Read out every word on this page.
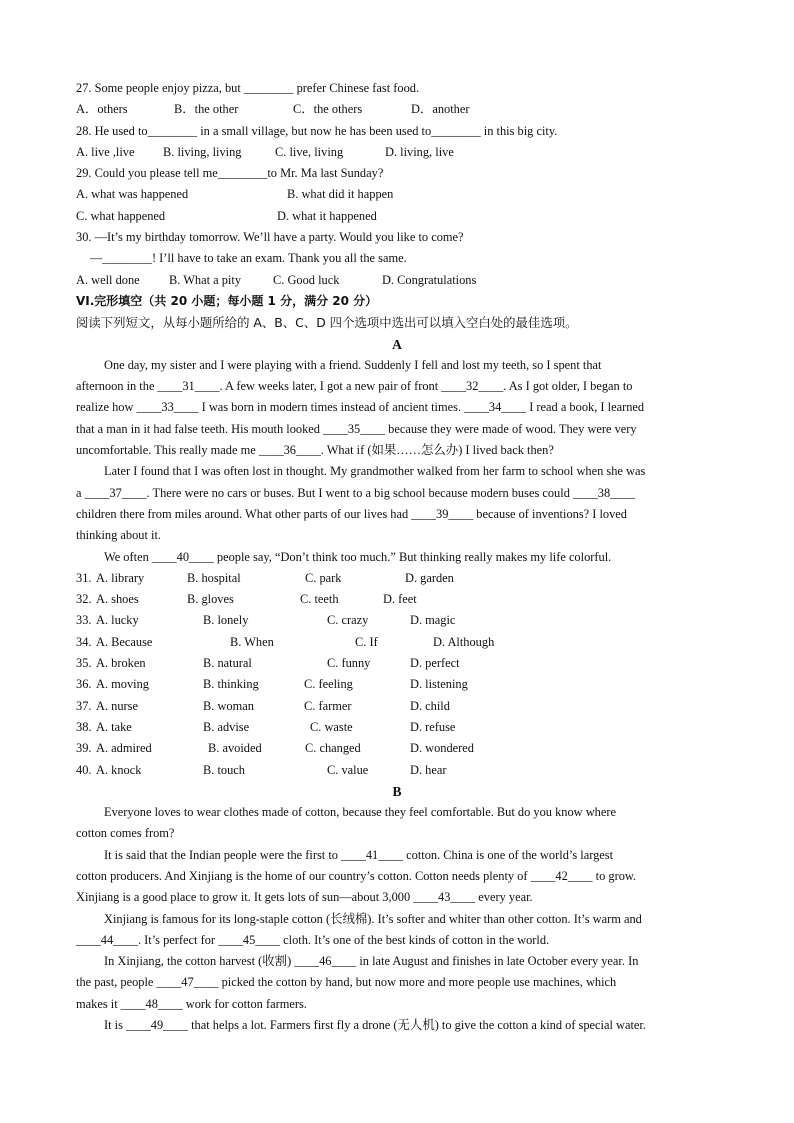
27. Some people enjoy pizza, but ________ prefer Chinese fast food.
A．others	B．the other	C．the others	D．another
28. He used to________ in a small village, but now he has been used to________ in this big city.
A. live ,live	B. living, living	C. live, living	D. living, live
29. Could you please tell me________to Mr. Ma last Sunday?
A. what was happened	B. what did it happen
C. what happened	D. what it happened
30. —It’s my birthday tomorrow. We’ll have a party. Would you like to come?
—________! I’ll have to take an exam. Thank you all the same.
A. well done	B. What a pity	C. Good luck	D. Congratulations
VI.完形填空（共 20 小题；每小题 1 分，满分 20 分）
阅读下列短文，从每小题所给的 A、B、C、D 四个选项中选出可以填入空白处的最佳选项。
A
One day, my sister and I were playing with a friend. Suddenly I fell and lost my teeth, so I spent that
afternoon in the ____31____. A few weeks later, I got a new pair of front ____32____. As I got older, I began to
realize how ____33____ I was born in modern times instead of ancient times. ____34____ I read a book, I learned
that a man in it had false teeth. His mouth looked ____35____ because they were made of wood. They were very
uncomfortable. This really made me ____36____. What if (如果……怎么办) I lived back then?
Later I found that I was often lost in thought. My grandmother walked from her farm to school when she was
a ____37____. There were no cars or buses. But I went to a big school because modern buses could ____38____
children there from miles around. What other parts of our lives had ____39____ because of inventions? I loved
thinking about it.
We often ____40____ people say, “Don’t think too much.” But thinking really makes my life colorful.
31. A. library	B. hospital	C. park	D. garden
32. A. shoes	B. gloves	C. teeth	D. feet
33. A. lucky	B. lonely	C. crazy	D. magic
34. A. Because	B. When	C. If	D. Although
35. A. broken	B. natural	C. funny	D. perfect
36. A. moving	B. thinking	C. feeling	D. listening
37. A. nurse	B. woman	C. farmer	D. child
38. A. take	B. advise	C. waste	D. refuse
39. A. admired	B. avoided	C. changed	D. wondered
40. A. knock	B. touch	C. value	D. hear
B
Everyone loves to wear clothes made of cotton, because they feel comfortable. But do you know where
cotton comes from?
It is said that the Indian people were the first to ____41____ cotton. China is one of the world’s largest
cotton producers. And Xinjiang is the home of our country’s cotton. Cotton needs plenty of ____42____ to grow.
Xinjiang is a good place to grow it. It gets lots of sun—about 3,000 ____43____ every year.
Xinjiang is famous for its long-staple cotton (长绒棉). It’s softer and whiter than other cotton. It’s warm and
____44____. It’s perfect for ____45____ cloth. It’s one of the best kinds of cotton in the world.
In Xinjiang, the cotton harvest (收割) ____46____ in late August and finishes in late October every year. In
the past, people ____47____ picked the cotton by hand, but now more and more people use machines, which
makes it ____48____ work for cotton farmers.
It is ____49____ that helps a lot. Farmers first fly a drone (无人机) to give the cotton a kind of special water.
